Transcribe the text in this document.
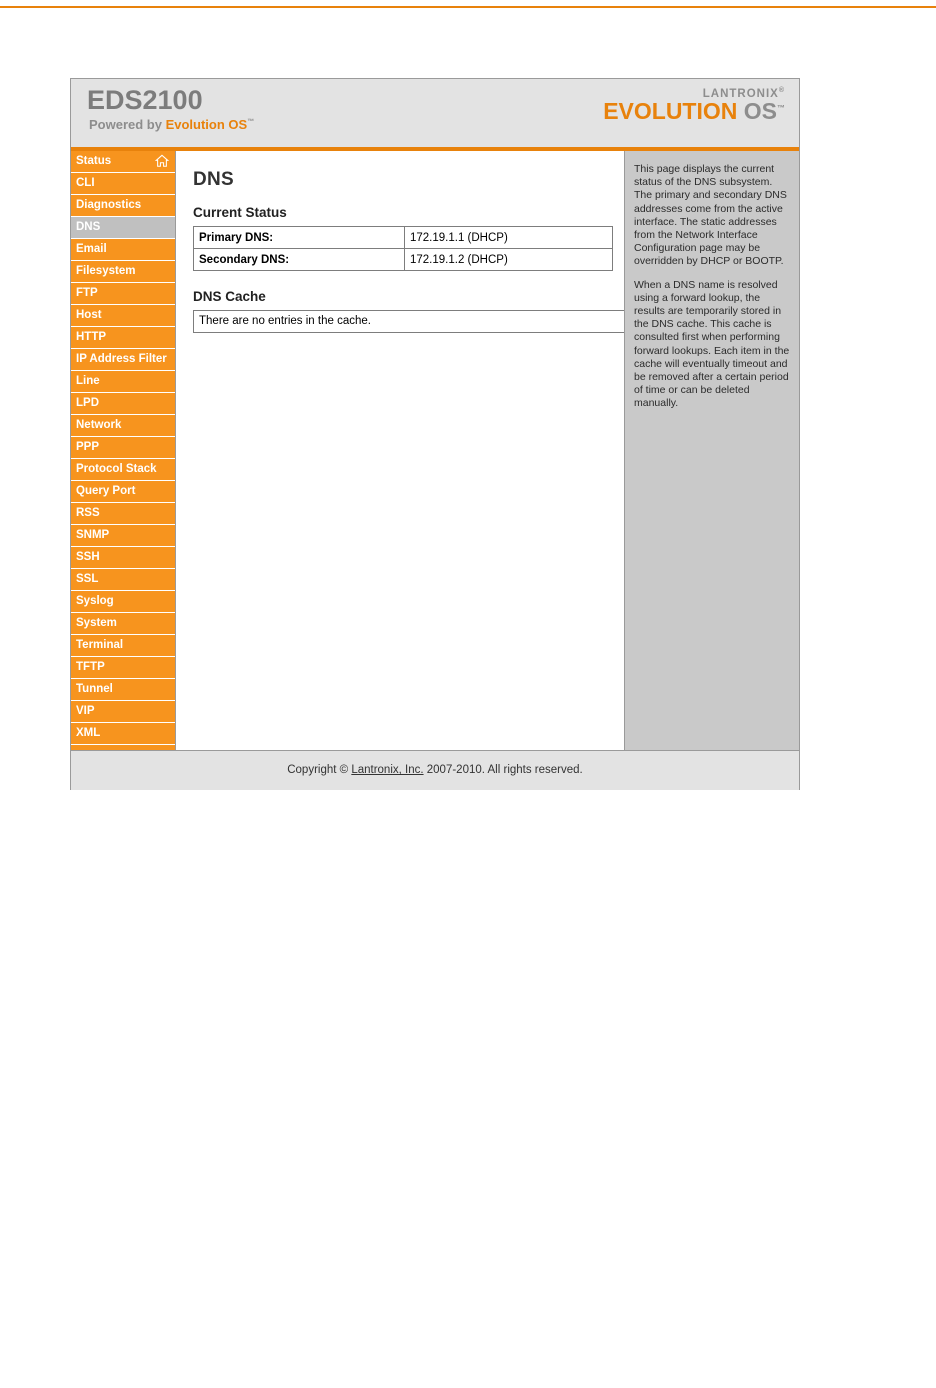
EDS2100
Powered by Evolution OS™
LANTRONIX®
EVOLUTION OS™
Status
CLI
Diagnostics
DNS
Email
Filesystem
FTP
Host
HTTP
IP Address Filter
Line
LPD
Network
PPP
Protocol Stack
Query Port
RSS
SNMP
SSH
SSL
Syslog
System
Terminal
TFTP
Tunnel
VIP
XML
DNS
Current Status
Primary DNS:	172.19.1.1 (DHCP)
Secondary DNS:	172.19.1.2 (DHCP)
DNS Cache
There are no entries in the cache.

This page displays the current status of the DNS subsystem. The primary and secondary DNS addresses come from the active interface. The static addresses from the Network Interface Configuration page may be overridden by DHCP or BOOTP.

When a DNS name is resolved using a forward lookup, the results are temporarily stored in the DNS cache. This cache is consulted first when performing forward lookups. Each item in the cache will eventually timeout and be removed after a certain period of time or can be deleted manually.

Copyright © Lantronix, Inc. 2007-2010. All rights reserved.
